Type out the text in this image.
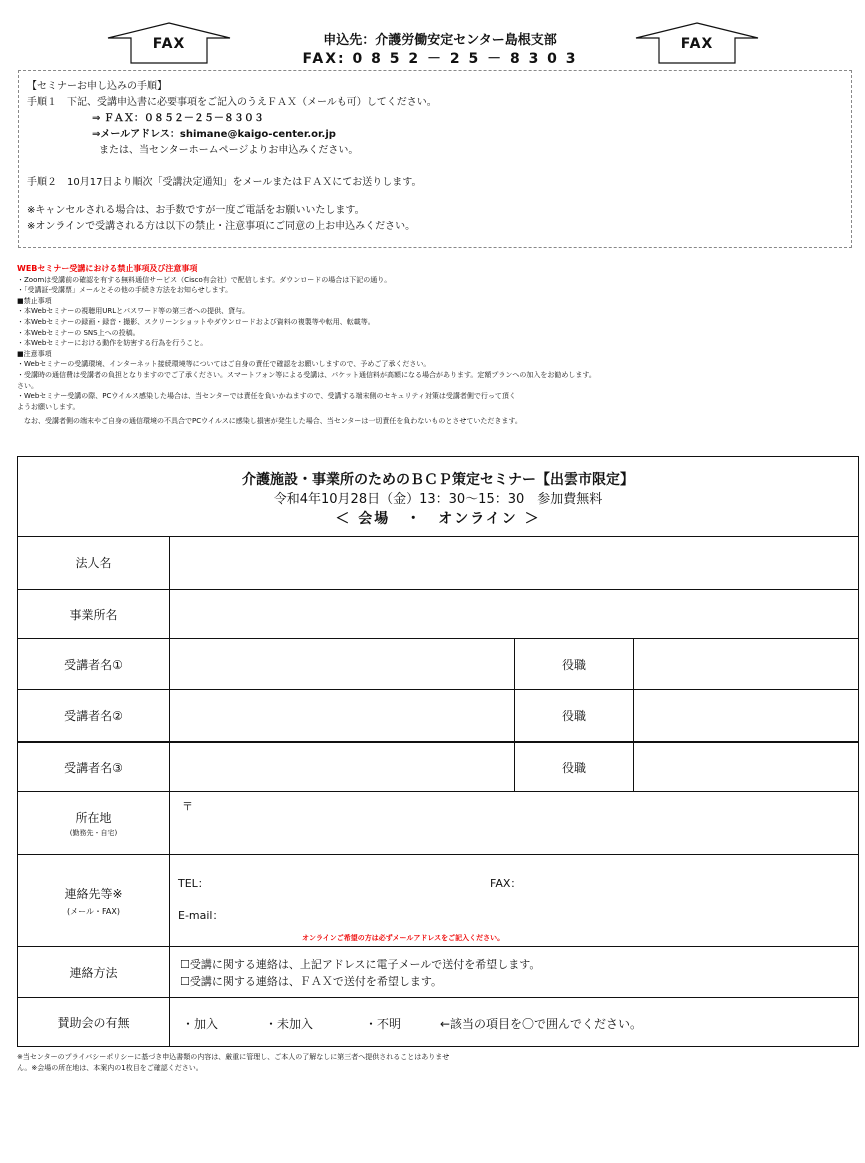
FAX	FAX
申込先：介護労働安定センター島根支部
FAX: 0 8 5 2 － 2 5 － 8 3 0 3
【セミナーお申し込みの手順】
手順１　下記、受講申込書に必要事項をご記入のうえＦＡＸ（メールも可）してください。
⇒ ＦＡＸ：０８５２－２５－８３０３
⇒メールアドレス：shimane@kaigo-center.or.jp
または、当センターホームページよりお申込みください。
手順２　10月17日より順次「受講決定通知」をメールまたはＦＡＸにてお送りします。
※キャンセルされる場合は、お手数ですが一度ご電話をお願いいたします。
※オンラインで受講される方は以下の禁止・注意事項にご同意の上お申込みください。
WEBセミナー受講における禁止事項及び注意事項
・Zoomは受講前の確認を有する無料通信サービス（Cisco有会社）で配信します。ダウンロードの場合は下記の通り。
・「受講証-受講票」メールとその他の手続き方法をお知らせします。
■禁止事項
・本Webセミナーの視聴用URLとパスワード等の第三者への提供、貸与。
・本Webセミナーの録画・録音・撮影、スクリーンショットやダウンロードおよび資料の複製等や転用、転載等。
・本Webセミナーの SNS上への投稿。
・本Webセミナーにおける動作を妨害する行為を行うこと。
■注意事項
・Webセミナーの受講環境、インターネット接続環境等についてはご自身の責任で確認をお願いしますので、予めご了承ください。
・受講時の通信費は受講者の負担となりますのでご了承ください。スマートフォン等による受講は、パケット通信料が高額になる場合があります。定額プランへの加入をお勧めします。
さい。
・Webセミナー受講の際、PCウイルス感染した場合は、当センターでは責任を負いかねますので、受講する端末側のセキュリティ対策は受講者側で行って頂く
ようお願いします。
　なお、受講者側の端末やご自身の通信環境の不具合でPCウイルスに感染し損害が発生した場合、当センターは一切責任を負わないものとさせていただきます。
介護施設・事業所のためのＢＣＰ策定セミナー【出雲市限定】
令和4年10月28日（金）13：30～15：30　参加費無料
＜ 会場　・　オンライン ＞
法人名
事業所名
受講者名①	役職
受講者名②	役職
受講者名③	役職
所在地
(勤務先・自宅)
〒
連絡先等※
(メール・FAX)
TEL：	FAX：
E-mail：
オンラインご希望の方は必ずメールアドレスをご記入ください。
連絡方法
☐受講に関する連絡は、上記アドレスに電子メールで送付を希望します。
☐受講に関する連絡は、ＦＡＸで送付を希望します。
賛助会の有無	・加入	・未加入	・不明	←該当の項目を〇で囲んでください。
※当センターのプライバシーポリシーに基づき申込書類の内容は、厳重に管理し、ご本人の了解なしに第三者へ提供されることはありませ
ん。※会場の所在地は、本案内の1枚目をご確認ください。
